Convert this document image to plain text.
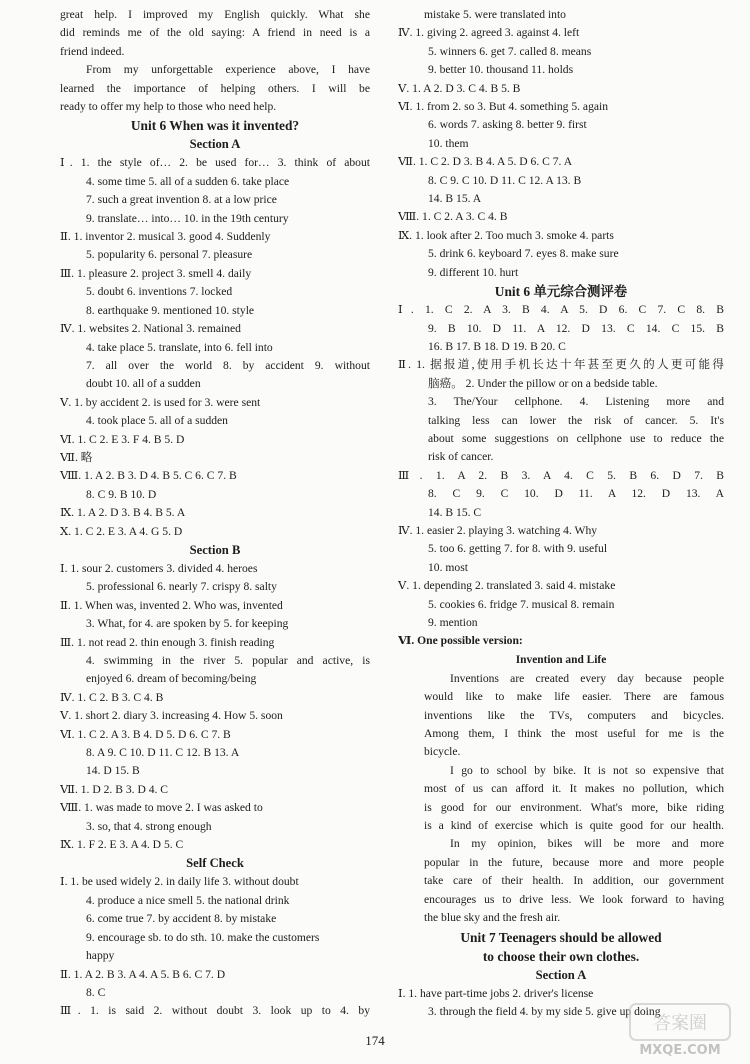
great help. I improved my English quickly. What she
did reminds me of the old saying: A friend in need is a
friend indeed.
From my unforgettable experience above, I have
learned the importance of helping others. I will be
ready to offer my help to those who need help.
Unit 6 When was it invented?
Section A
Ⅰ. 1. the style of… 2. be used for… 3. think of about
4. some time 5. all of a sudden 6. take place
7. such a great invention 8. at a low price
9. translate… into… 10. in the 19th century
Ⅱ. 1. inventor 2. musical 3. good 4. Suddenly
5. popularity 6. personal 7. pleasure
Ⅲ. 1. pleasure 2. project 3. smell 4. daily
5. doubt 6. inventions 7. locked
8. earthquake 9. mentioned 10. style
Ⅳ. 1. websites 2. National 3. remained
4. take place 5. translate, into 6. fell into
7. all over the world 8. by accident 9. without
doubt 10. all of a sudden
Ⅴ. 1. by accident 2. is used for 3. were sent
4. took place 5. all of a sudden
Ⅵ. 1. C 2. E 3. F 4. B 5. D
Ⅶ. 略
Ⅷ. 1. A 2. B 3. D 4. B 5. C 6. C 7. B
8. C 9. B 10. D
Ⅸ. 1. A 2. D 3. B 4. B 5. A
Ⅹ. 1. C 2. E 3. A 4. G 5. D
Section B
Ⅰ. 1. sour 2. customers 3. divided 4. heroes
5. professional 6. nearly 7. crispy 8. salty
Ⅱ. 1. When was, invented 2. Who was, invented
3. What, for 4. are spoken by 5. for keeping
Ⅲ. 1. not read 2. thin enough 3. finish reading
4. swimming in the river 5. popular and active, is
enjoyed 6. dream of becoming/being
Ⅳ. 1. C 2. B 3. C 4. B
Ⅴ. 1. short 2. diary 3. increasing 4. How 5. soon
Ⅵ. 1. C 2. A 3. B 4. D 5. D 6. C 7. B
8. A 9. C 10. D 11. C 12. B 13. A
14. D 15. B
Ⅶ. 1. D 2. B 3. D 4. C
Ⅷ. 1. was made to move 2. I was asked to
3. so, that 4. strong enough
Ⅸ. 1. F 2. E 3. A 4. D 5. C
Self Check
Ⅰ. 1. be used widely 2. in daily life 3. without doubt
4. produce a nice smell 5. the national drink
6. come true 7. by accident 8. by mistake
9. encourage sb. to do sth. 10. make the customers
happy
Ⅱ. 1. A 2. B 3. A 4. A 5. B 6. C 7. D
8. C
Ⅲ. 1. is said 2. without doubt 3. look up to 4. by
mistake 5. were translated into
Ⅳ. 1. giving 2. agreed 3. against 4. left
5. winners 6. get 7. called 8. means
9. better 10. thousand 11. holds
Ⅴ. 1. A 2. D 3. C 4. B 5. B
Ⅵ. 1. from 2. so 3. But 4. something 5. again
6. words 7. asking 8. better 9. first
10. them
Ⅶ. 1. C 2. D 3. B 4. A 5. D 6. C 7. A
8. C 9. C 10. D 11. C 12. A 13. B
14. B 15. A
Ⅷ. 1. C 2. A 3. C 4. B
Ⅸ. 1. look after 2. Too much 3. smoke 4. parts
5. drink 6. keyboard 7. eyes 8. make sure
9. different 10. hurt
Unit 6 单元综合测评卷
Ⅰ. 1. C 2. A 3. B 4. A 5. D 6. C 7. C 8. B
9. B 10. D 11. A 12. D 13. C 14. C 15. B
16. B 17. B 18. D 19. B 20. C
Ⅱ. 1. 据报道,使用手机长达十年甚至更久的人更可能得
脑癌。 2. Under the pillow or on a bedside table.
3. The/Your cellphone. 4. Listening more and
talking less can lower the risk of cancer. 5. It's
about some suggestions on cellphone use to reduce the
risk of cancer.
Ⅲ. 1. A 2. B 3. A 4. C 5. B 6. D 7. B
8. C 9. C 10. D 11. A 12. D 13. A
14. B 15. C
Ⅳ. 1. easier 2. playing 3. watching 4. Why
5. too 6. getting 7. for 8. with 9. useful
10. most
Ⅴ. 1. depending 2. translated 3. said 4. mistake
5. cookies 6. fridge 7. musical 8. remain
9. mention
Ⅵ. One possible version:
Invention and Life
Inventions are created every day because people
would like to make life easier. There are famous
inventions like the TVs, computers and bicycles.
Among them, I think the most useful for me is the
bicycle.
I go to school by bike. It is not so expensive that
most of us can afford it. It makes no pollution, which
is good for our environment. What's more, bike riding
is a kind of exercise which is quite good for our health.
In my opinion, bikes will be more and more
popular in the future, because more and more people
take care of their health. In addition, our government
encourages us to drive less. We look forward to having
the blue sky and the fresh air.
Unit 7 Teenagers should be allowed
to choose their own clothes.
Section A
Ⅰ. 1. have part-time jobs 2. driver's license
3. through the field 4. by my side 5. give up doing
174
答案圈
MXQE.COM
